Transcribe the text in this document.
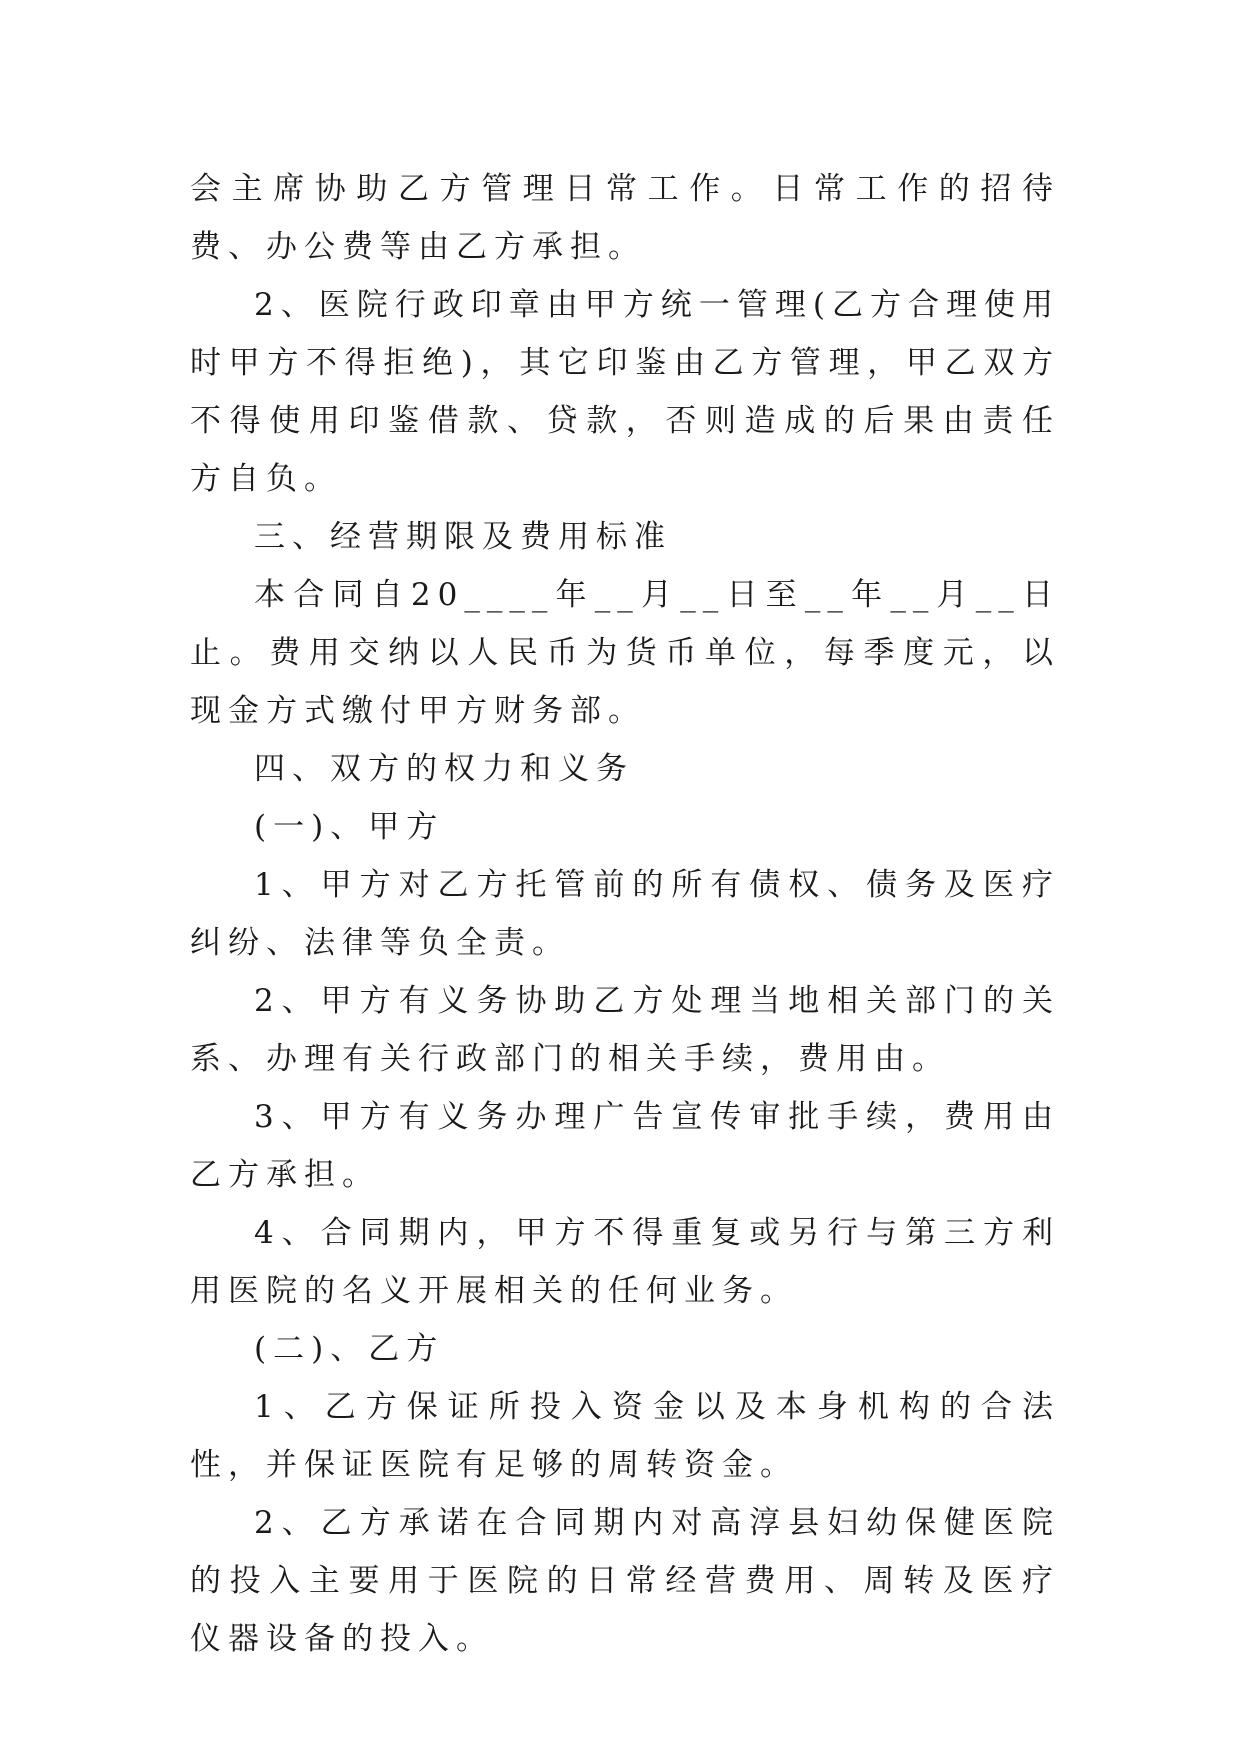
会主席协助乙方管理日常工作。日常工作的招待费、办公费等由乙方承担。

2、医院行政印章由甲方统一管理(乙方合理使用时甲方不得拒绝)，其它印鉴由乙方管理，甲乙双方不得使用印鉴借款、贷款，否则造成的后果由责任方自负。

三、经营期限及费用标准

本合同自20____年__月__日至__年__月__日止。费用交纳以人民币为货币单位，每季度元，以现金方式缴付甲方财务部。

四、双方的权力和义务

(一)、甲方

1、甲方对乙方托管前的所有债权、债务及医疗纠纷、法律等负全责。

2、甲方有义务协助乙方处理当地相关部门的关系、办理有关行政部门的相关手续，费用由。

3、甲方有义务办理广告宣传审批手续，费用由乙方承担。

4、合同期内，甲方不得重复或另行与第三方利用医院的名义开展相关的任何业务。

(二)、乙方

1、乙方保证所投入资金以及本身机构的合法性，并保证医院有足够的周转资金。

2、乙方承诺在合同期内对高淳县妇幼保健医院的投入主要用于医院的日常经营费用、周转及医疗仪器设备的投入。
